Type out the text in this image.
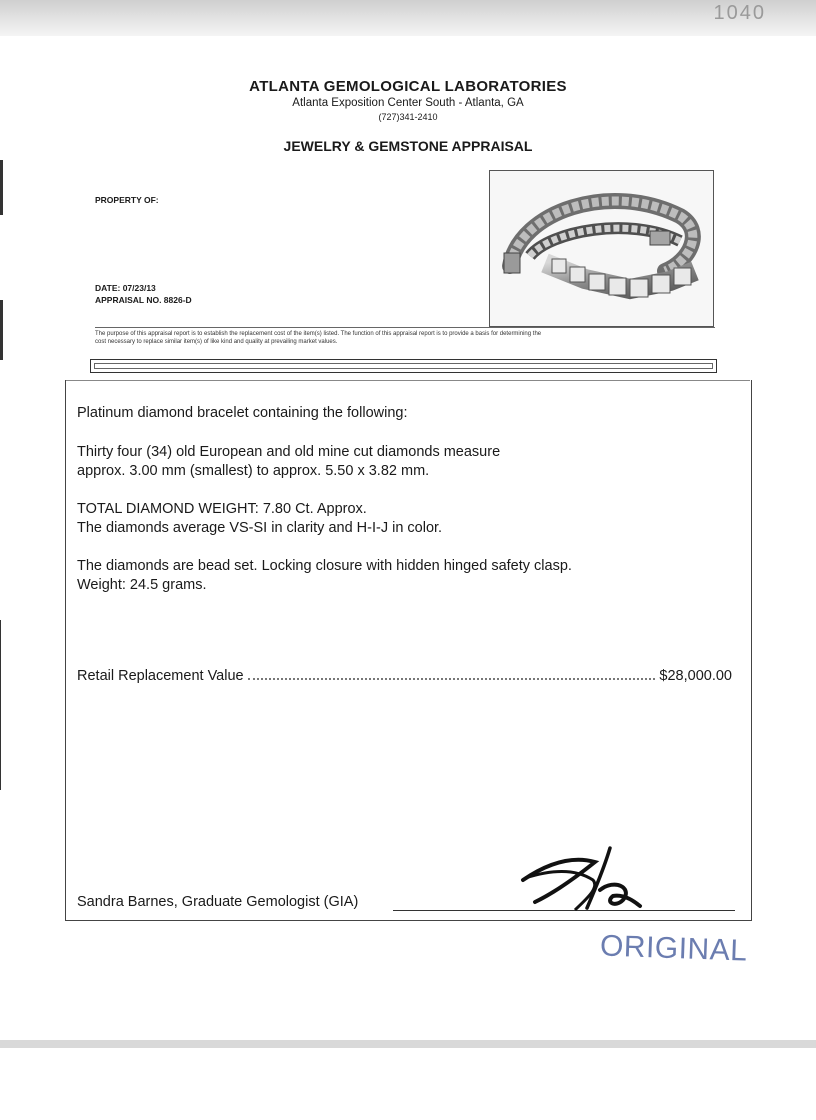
1040
ATLANTA GEMOLOGICAL LABORATORIES
Atlanta Exposition Center South - Atlanta, GA
(727)341-2410
JEWELRY & GEMSTONE APPRAISAL
PROPERTY OF:
DATE: 07/23/13
APPRAISAL NO. 8826-D
The purpose of this appraisal report is to establish the replacement cost of the item(s) listed. The function of this appraisal report is to provide a basis for determining the
cost necessary to replace similar item(s) of like kind and quality at prevailing market values.
Platinum diamond bracelet containing the following:
Thirty four (34) old European and old mine cut diamonds measure
approx. 3.00 mm (smallest) to approx. 5.50 x 3.82 mm.
TOTAL DIAMOND WEIGHT: 7.80 Ct. Approx.
The diamonds average VS-SI in clarity and H-I-J in color.
The diamonds are bead set. Locking closure with hidden hinged safety clasp.
Weight: 24.5 grams.
Retail Replacement Value	$28,000.00
Sandra Barnes, Graduate Gemologist (GIA)
ORIGINAL
